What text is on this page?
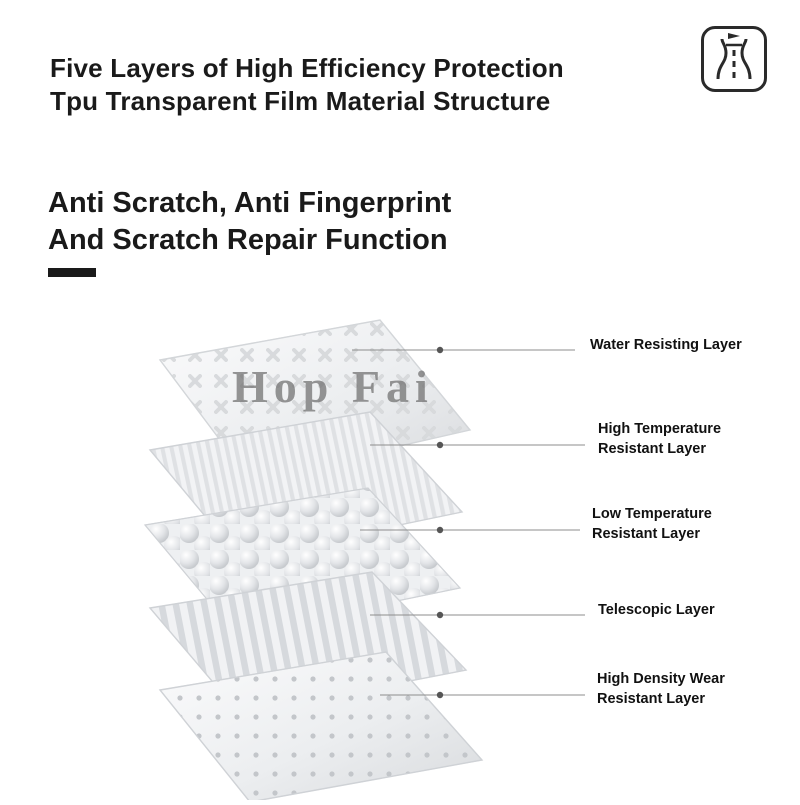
Five Layers of High Efficiency Protection
Tpu Transparent Film Material Structure
Anti Scratch, Anti Fingerprint
And Scratch Repair Function
Hop Fai
Water Resisting Layer
High Temperature
Resistant Layer
Low Temperature
Resistant Layer
Telescopic Layer
High Density Wear
Resistant Layer
